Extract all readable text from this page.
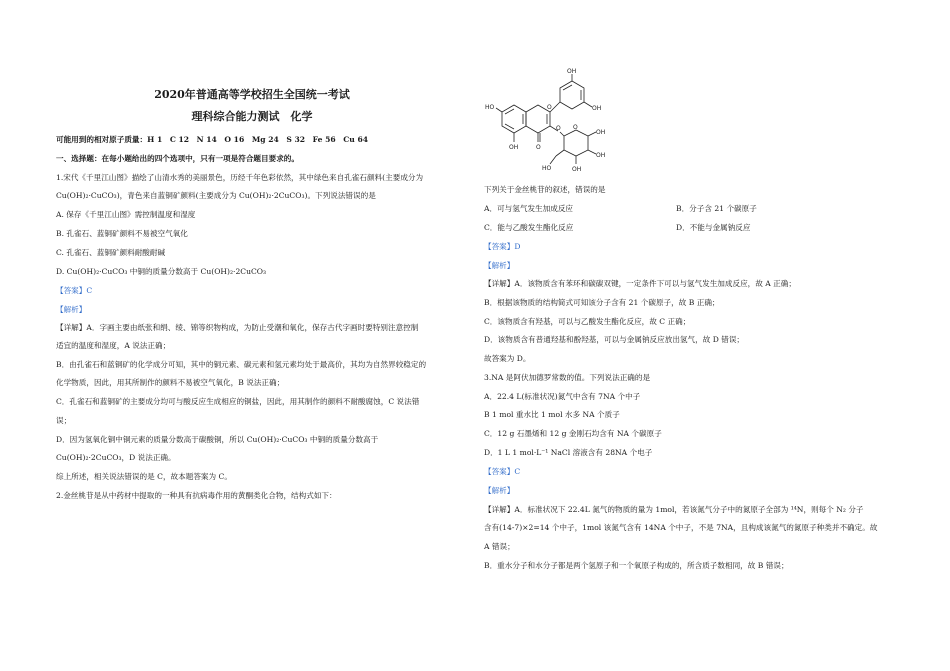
2020年普通高等学校招生全国统一考试
理科综合能力测试　化学
可能用到的相对原子质量：H 1　C 12　N 14　O 16　Mg 24　S 32　Fe 56　Cu 64
一、选择题：在每小题给出的四个选项中，只有一项是符合题目要求的。
1.宋代《千里江山图》描绘了山清水秀的美丽景色，历经千年色彩依然，其中绿色来自孔雀石颜料(主要成分为
Cu(OH)₂·CuCO₃)，青色来自蓝铜矿颜料(主要成分为 Cu(OH)₂·2CuCO₃)。下列说法错误的是
A. 保存《千里江山图》需控制温度和湿度
B. 孔雀石、蓝铜矿颜料不易被空气氧化
C. 孔雀石、蓝铜矿颜料耐酸耐碱
D. Cu(OH)₂·CuCO₃ 中铜的质量分数高于 Cu(OH)₂·2CuCO₃
【答案】C
【解析】
【详解】A．字画主要由纸张和绢、绫、锦等织物构成，为防止受潮和氧化，保存古代字画时要特别注意控制
适宜的温度和湿度，A 说法正确；
B．由孔雀石和蓝铜矿的化学成分可知，其中的铜元素、碳元素和氢元素均处于最高价，其均为自然界较稳定的
化学物质，因此，用其所制作的颜料不易被空气氧化，B 说法正确；
C．孔雀石和蓝铜矿的主要成分均可与酸反应生成相应的铜盐，因此，用其制作的颜料不耐酸腐蚀，C 说法错
误；
D．因为氢氧化铜中铜元素的质量分数高于碳酸铜，所以 Cu(OH)₂·CuCO₃ 中铜的质量分数高于
Cu(OH)₂·2CuCO₃，D 说法正确。
综上所述，相关说法错误的是 C，故本题答案为 C。
2.金丝桃苷是从中药材中提取的一种具有抗病毒作用的黄酮类化合物，结构式如下：
OH
OH
HO
OH	O
O
O
HO
OH
OH
OH
O
下列关于金丝桃苷的叙述，错误的是
A．可与氢气发生加成反应	B．分子含 21 个碳原子
C．能与乙酸发生酯化反应	D．不能与金属钠反应
【答案】D
【解析】
【详解】A．该物质含有苯环和碳碳双键，一定条件下可以与氢气发生加成反应，故 A 正确；
B．根据该物质的结构简式可知该分子含有 21 个碳原子，故 B 正确；
C．该物质含有羟基，可以与乙酸发生酯化反应，故 C 正确；
D．该物质含有普通羟基和酚羟基，可以与金属钠反应放出氢气，故 D 错误；
故答案为 D。
3.NA 是阿伏加德罗常数的值。下列说法正确的是
A．22.4 L(标准状况)氮气中含有 7NA 个中子
B 1 mol 重水比 1 mol 水多 NA 个质子
C．12 g 石墨烯和 12 g 金刚石均含有 NA 个碳原子
D．1 L 1 mol·L⁻¹ NaCl 溶液含有 28NA 个电子
【答案】C
【解析】
【详解】A．标准状况下 22.4L 氮气的物质的量为 1mol，若该氮气分子中的氮原子全部为 ¹⁴N，则每个 N₂ 分子
含有(14-7)×2=14 个中子，1mol 该氮气含有 14NA 个中子，不是 7NA，且构成该氮气的氮原子种类并不确定。故
A 错误；
B．重水分子和水分子都是两个氢原子和一个氧原子构成的，所含质子数相同，故 B 错误；
